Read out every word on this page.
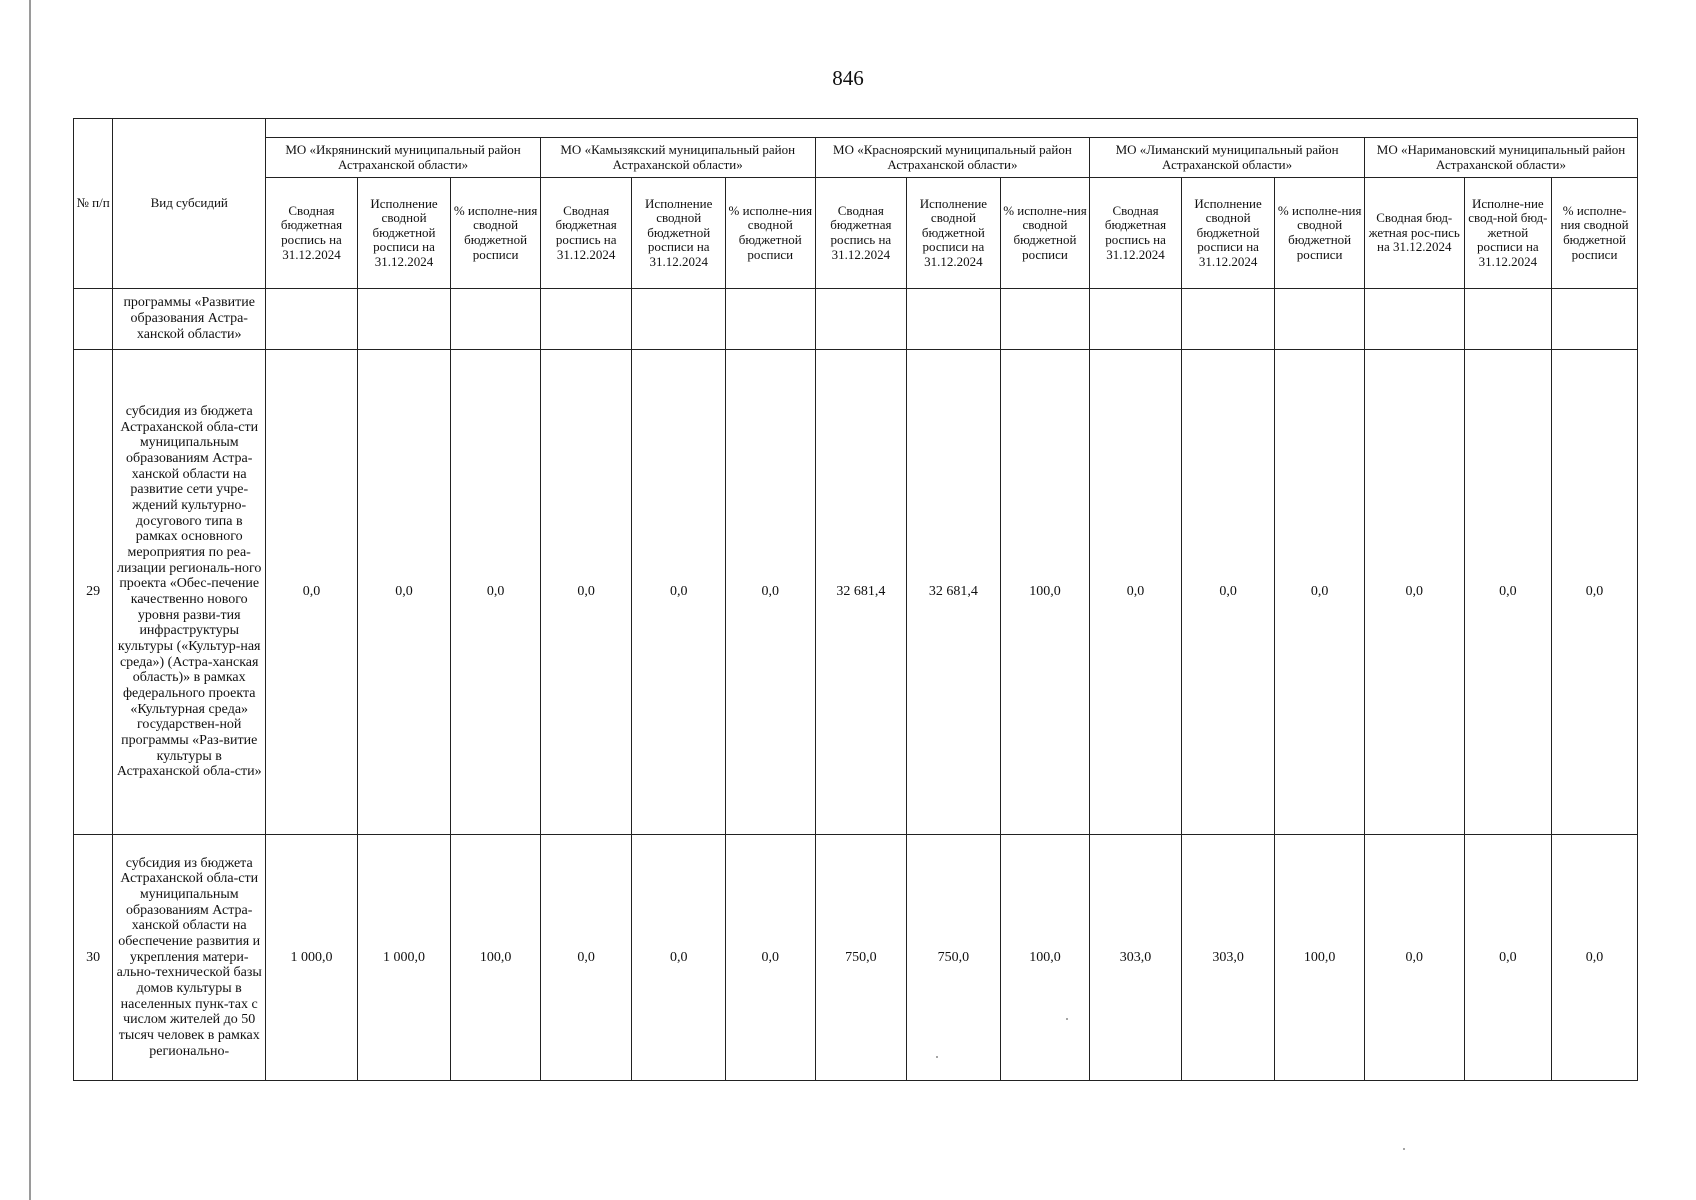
846
№ п/п	Вид субсидий															
		МО «Икрянинский муниципальный район Астраханской области»			МО «Камызякский муниципальный район Астраханской области»			МО «Красноярский муниципальный район Астраханской области»			МО «Лиманский муниципальный район Астраханской области»			МО «Наримановский муниципальный район Астраханской области»		
		Сводная бюджетная роспись на 31.12.2024	Исполнение сводной бюджетной росписи на 31.12.2024	% исполне-ния сводной бюджетной росписи	Сводная бюджетная роспись на 31.12.2024	Исполнение сводной бюджетной росписи на 31.12.2024	% исполне-ния сводной бюджетной росписи	Сводная бюджетная роспись на 31.12.2024	Исполнение сводной бюджетной росписи на 31.12.2024	% исполне-ния сводной бюджетной росписи	Сводная бюджетная роспись на 31.12.2024	Исполнение сводной бюджетной росписи на 31.12.2024	% исполне-ния сводной бюджетной росписи	Сводная бюд-жетная рос-пись на 31.12.2024	Исполне-ние свод-ной бюд-жетной росписи на 31.12.2024	% исполне-ния сводной бюджетной росписи
	программы «Развитие образования Астра-ханской области»															
29	субсидия из бюджета Астраханской обла-сти муниципальным образованиям Астра-ханской области на развитие сети учре-ждений культурно-досугового типа в рамках основного мероприятия по реа-лизации региональ-ного проекта «Обес-печение качественно нового уровня разви-тия инфраструктуры культуры («Культур-ная среда») (Астра-ханская область)» в рамках федерального проекта «Культурная среда» государствен-ной программы «Раз-витие культуры в Астраханской обла-сти»	0,0	0,0	0,0	0,0	0,0	0,0	32 681,4	32 681,4	100,0	0,0	0,0	0,0	0,0	0,0	0,0
30	субсидия из бюджета Астраханской обла-сти муниципальным образованиям Астра-ханской области на обеспечение развития и укрепления матери-ально-технической базы домов культуры в населенных пунк-тах с числом жителей до 50 тысяч человек в рамках регионально-	1 000,0	1 000,0	100,0	0,0	0,0	0,0	750,0	750,0	100,0	303,0	303,0	100,0	0,0	0,0	0,0
